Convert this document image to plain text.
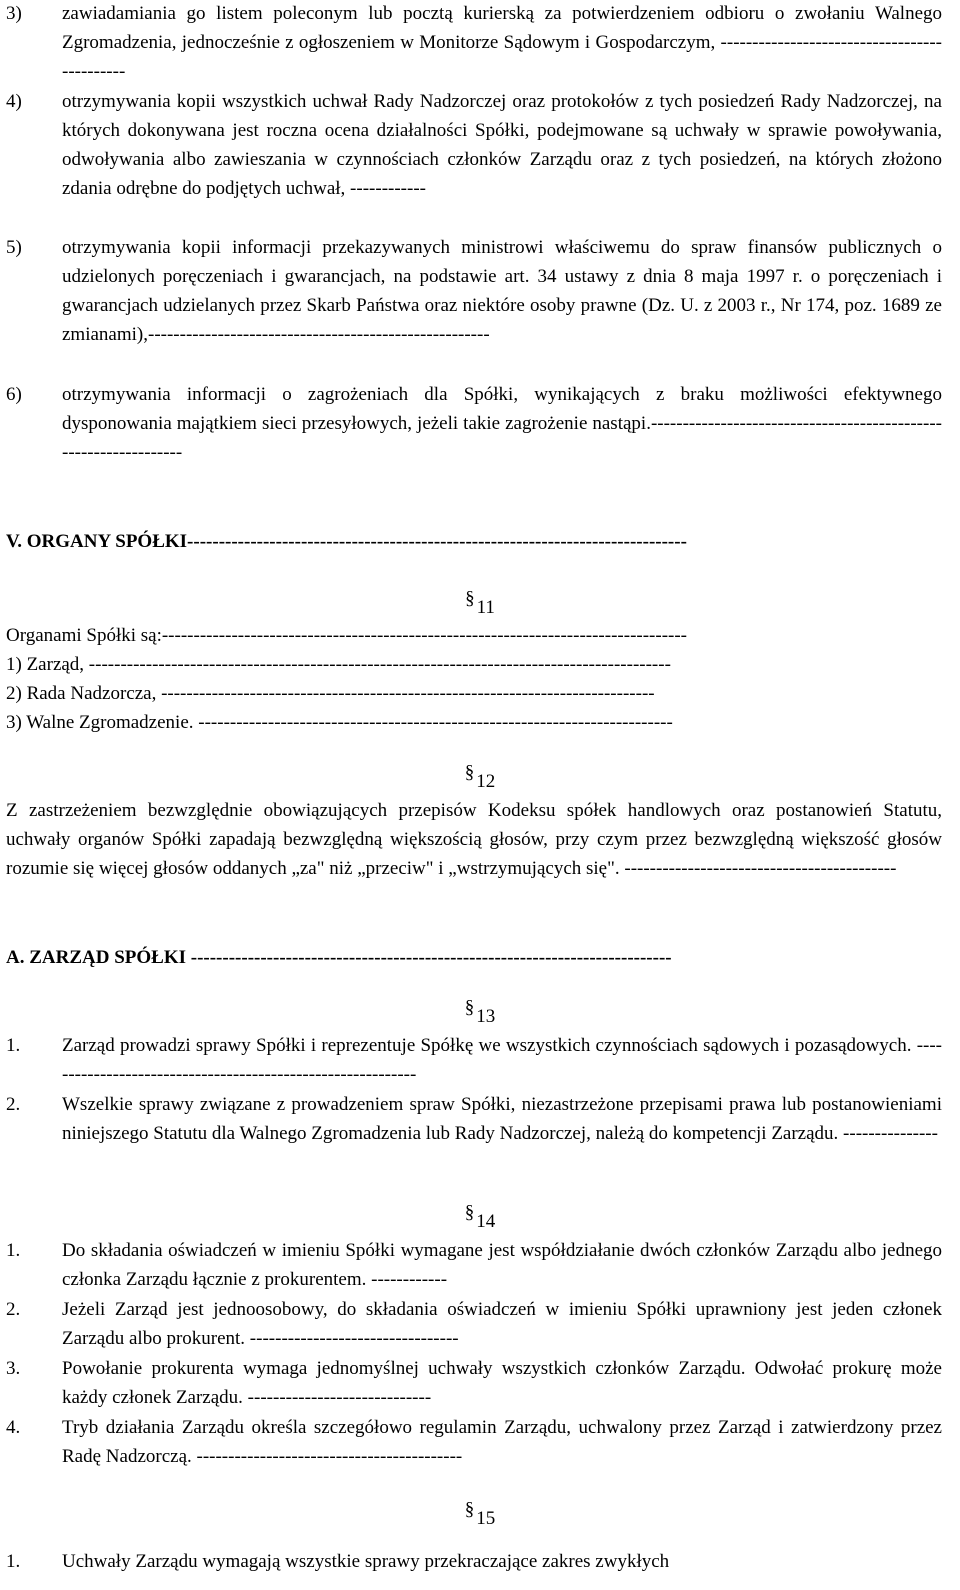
3) zawiadamiania go listem poleconym lub pocztą kurierską za potwierdzeniem odbioru o zwołaniu Walnego Zgromadzenia, jednocześnie z ogłoszeniem w Monitorze Sądowym i Gospodarczym, ---------------------------------------------
4) otrzymywania kopii wszystkich uchwał Rady Nadzorczej oraz protokołów z tych posiedzeń Rady Nadzorczej, na których dokonywana jest roczna ocena działalności Spółki, podejmowane są uchwały w sprawie powoływania, odwoływania albo zawieszania w czynnościach członków Zarządu oraz z tych posiedzeń, na których złożono zdania odrębne do podjętych uchwał, ------------
5) otrzymywania kopii informacji przekazywanych ministrowi właściwemu do spraw finansów publicznych o udzielonych poręczeniach i gwarancjach, na podstawie art. 34 ustawy z dnia 8 maja 1997 r. o poręczeniach i gwarancjach udzielanych przez Skarb Państwa oraz niektóre osoby prawne (Dz. U. z 2003 r., Nr 174, poz. 1689 ze zmianami),------------------------------------------------------
6) otrzymywania informacji o zagrożeniach dla Spółki, wynikających z braku możliwości efektywnego dysponowania majątkiem sieci przesyłowych, jeżeli takie zagrożenie nastąpi.-----------------------------------------------------------------
V. ORGANY SPÓŁKI-------------------------------------------------------------------------------
§ 11
Organami Spółki są:-----------------------------------------------------------------------------------
1) Zarząd, --------------------------------------------------------------------------------------------
2) Rada Nadzorcza, ------------------------------------------------------------------------------
3) Walne Zgromadzenie. ---------------------------------------------------------------------------
§ 12
Z zastrzeżeniem bezwzględnie obowiązujących przepisów Kodeksu spółek handlowych oraz postanowień Statutu, uchwały organów Spółki zapadają bezwzględną większością głosów, przy czym przez bezwzględną większość głosów rozumie się więcej głosów oddanych „za" niż „przeciw" i „wstrzymujących się". -------------------------------------------
A. ZARZĄD SPÓŁKI ----------------------------------------------------------------------------
§ 13
1. Zarząd prowadzi sprawy Spółki i reprezentuje Spółkę we wszystkich czynnościach sądowych i pozasądowych. ------------------------------------------------------------
2. Wszelkie sprawy związane z prowadzeniem spraw Spółki, niezastrzeżone przepisami prawa lub postanowieniami niniejszego Statutu dla Walnego Zgromadzenia lub Rady Nadzorczej, należą do kompetencji Zarządu. ---------------
§ 14
1. Do składania oświadczeń w imieniu Spółki wymagane jest współdziałanie dwóch członków Zarządu albo jednego członka Zarządu łącznie z prokurentem. ------------
2. Jeżeli Zarząd jest jednoosobowy, do składania oświadczeń w imieniu Spółki uprawniony jest jeden członek Zarządu albo prokurent. ---------------------------------
3. Powołanie prokurenta wymaga jednomyślnej uchwały wszystkich członków Zarządu. Odwołać prokurę może każdy członek Zarządu. -----------------------------
4. Tryb działania Zarządu określa szczegółowo regulamin Zarządu, uchwalony przez Zarząd i zatwierdzony przez Radę Nadzorczą. ------------------------------------------
§ 15
1. Uchwały Zarządu wymagają wszystkie sprawy przekraczające zakres zwykłych
